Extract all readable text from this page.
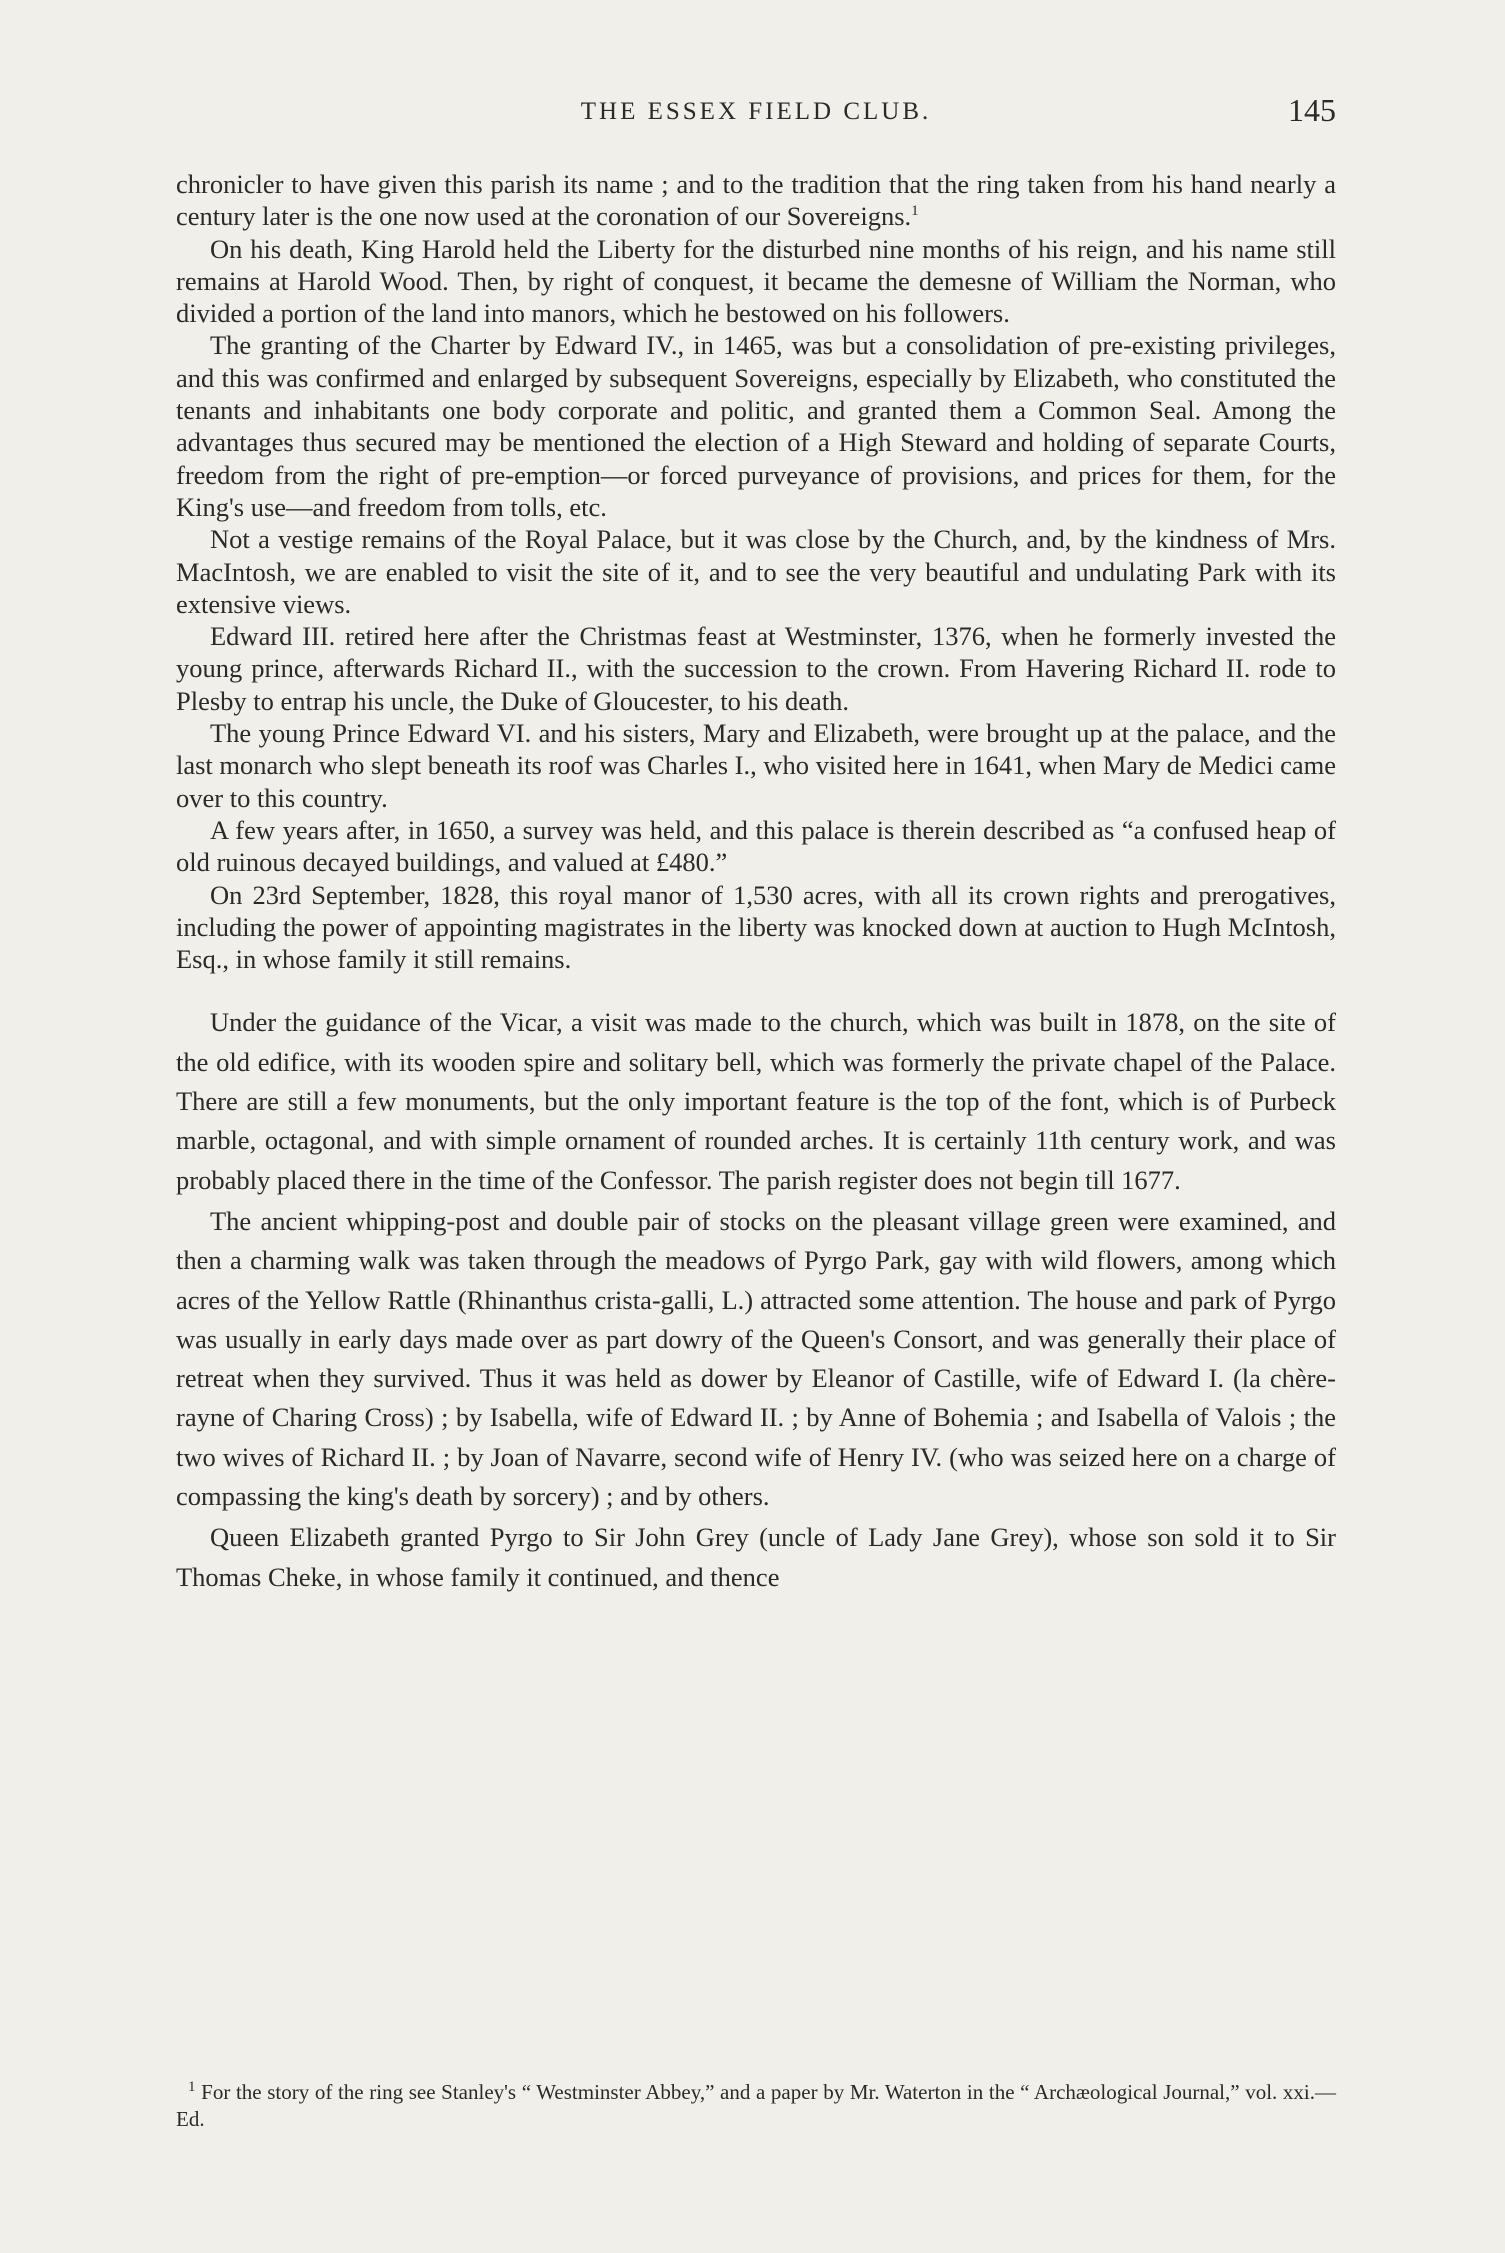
THE ESSEX FIELD CLUB.	145

chronicler to have given this parish its name ; and to the tradition that the ring taken from his hand nearly a century later is the one now used at the coronation of our Sovereigns.$^1$

On his death, King Harold held the Liberty for the disturbed nine months of his reign, and his name still remains at Harold Wood. Then, by right of conquest, it became the demesne of William the Norman, who divided a portion of the land into manors, which he bestowed on his followers.

The granting of the Charter by Edward IV., in 1465, was but a consolidation of pre-existing privileges, and this was confirmed and enlarged by subsequent Sovereigns, especially by Elizabeth, who constituted the tenants and inhabitants one body corporate and politic, and granted them a Common Seal. Among the advantages thus secured may be mentioned the election of a High Steward and holding of separate Courts, freedom from the right of pre-emption—or forced purveyance of provisions, and prices for them, for the King's use—and freedom from tolls, etc.

Not a vestige remains of the Royal Palace, but it was close by the Church, and, by the kindness of Mrs. MacIntosh, we are enabled to visit the site of it, and to see the very beautiful and undulating Park with its extensive views.

Edward III. retired here after the Christmas feast at Westminster, 1376, when he formerly invested the young prince, afterwards Richard II., with the succession to the crown. From Havering Richard II. rode to Plesby to entrap his uncle, the Duke of Gloucester, to his death.

The young Prince Edward VI. and his sisters, Mary and Elizabeth, were brought up at the palace, and the last monarch who slept beneath its roof was Charles I., who visited here in 1641, when Mary de Medici came over to this country.

A few years after, in 1650, a survey was held, and this palace is therein described as “a confused heap of old ruinous decayed buildings, and valued at £480.”

On 23rd September, 1828, this royal manor of 1,530 acres, with all its crown rights and prerogatives, including the power of appointing magistrates in the liberty was knocked down at auction to Hugh McIntosh, Esq., in whose family it still remains.

Under the guidance of the Vicar, a visit was made to the church, which was built in 1878, on the site of the old edifice, with its wooden spire and solitary bell, which was formerly the private chapel of the Palace. There are still a few monuments, but the only important feature is the top of the font, which is of Purbeck marble, octagonal, and with simple ornament of rounded arches. It is certainly 11th century work, and was probably placed there in the time of the Confessor. The parish register does not begin till 1677.

The ancient whipping-post and double pair of stocks on the pleasant village green were examined, and then a charming walk was taken through the meadows of Pyrgo Park, gay with wild flowers, among which acres of the Yellow Rattle (Rhinanthus crista-galli, L.) attracted some attention. The house and park of Pyrgo was usually in early days made over as part dowry of the Queen's Consort, and was generally their place of retreat when they survived. Thus it was held as dower by Eleanor of Castille, wife of Edward I. (la chère-rayne of Charing Cross) ; by Isabella, wife of Edward II. ; by Anne of Bohemia ; and Isabella of Valois ; the two wives of Richard II. ; by Joan of Navarre, second wife of Henry IV. (who was seized here on a charge of compassing the king's death by sorcery) ; and by others.

Queen Elizabeth granted Pyrgo to Sir John Grey (uncle of Lady Jane Grey), whose son sold it to Sir Thomas Cheke, in whose family it continued, and thence

$^1$ For the story of the ring see Stanley's “ Westminster Abbey,” and a paper by Mr. Waterton in the “ Archæological Journal,” vol. xxi.—Ed.
